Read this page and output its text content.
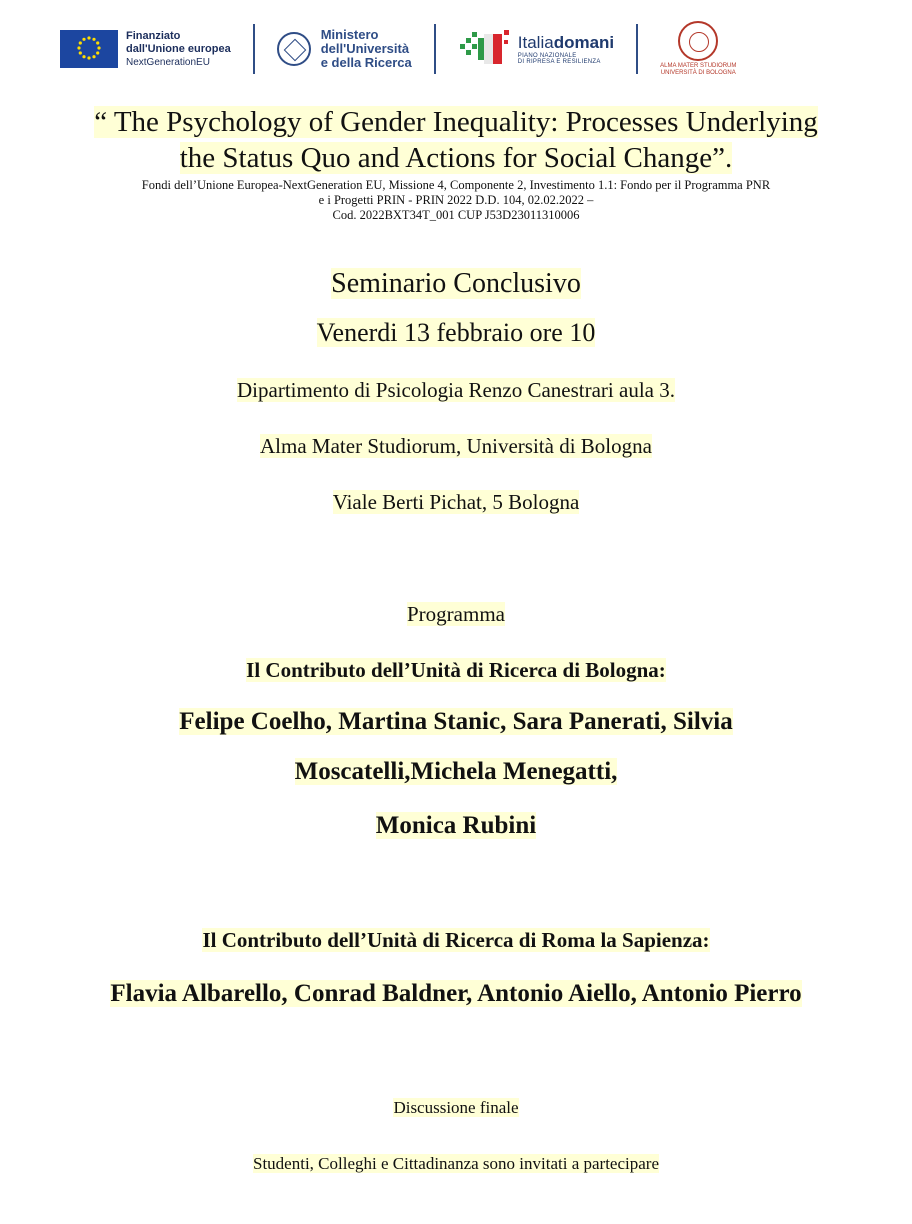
Finanziato
dall'Unione europea
NextGenerationEU
Ministero
dell'Università
e della Ricerca
Italiadomani
PIANO NAZIONALE
DI RIPRESA E RESILIENZA
ALMA MATER STUDIORUM
UNIVERSITÀ DI BOLOGNA
“ The Psychology of Gender Inequality: Processes Underlying
the Status Quo and Actions for Social Change”.
Fondi dell’Unione Europea-NextGeneration EU, Missione 4, Componente 2, Investimento 1.1: Fondo per il Programma PNR
e i Progetti PRIN - PRIN 2022 D.D. 104, 02.02.2022 –
Cod. 2022BXT34T_001 CUP J53D23011310006
Seminario Conclusivo
Venerdi 13 febbraio ore 10
Dipartimento di Psicologia Renzo Canestrari aula 3.
Alma Mater Studiorum, Università di Bologna
Viale Berti Pichat, 5 Bologna
Programma
Il Contributo dell’Unità di Ricerca di Bologna:
Felipe Coelho, Martina Stanic, Sara Panerati, Silvia
Moscatelli,Michela Menegatti,
Monica Rubini
Il Contributo dell’Unità di Ricerca di Roma la Sapienza:
Flavia Albarello, Conrad Baldner, Antonio Aiello, Antonio Pierro
Discussione finale
Studenti, Colleghi e Cittadinanza sono invitati a partecipare
